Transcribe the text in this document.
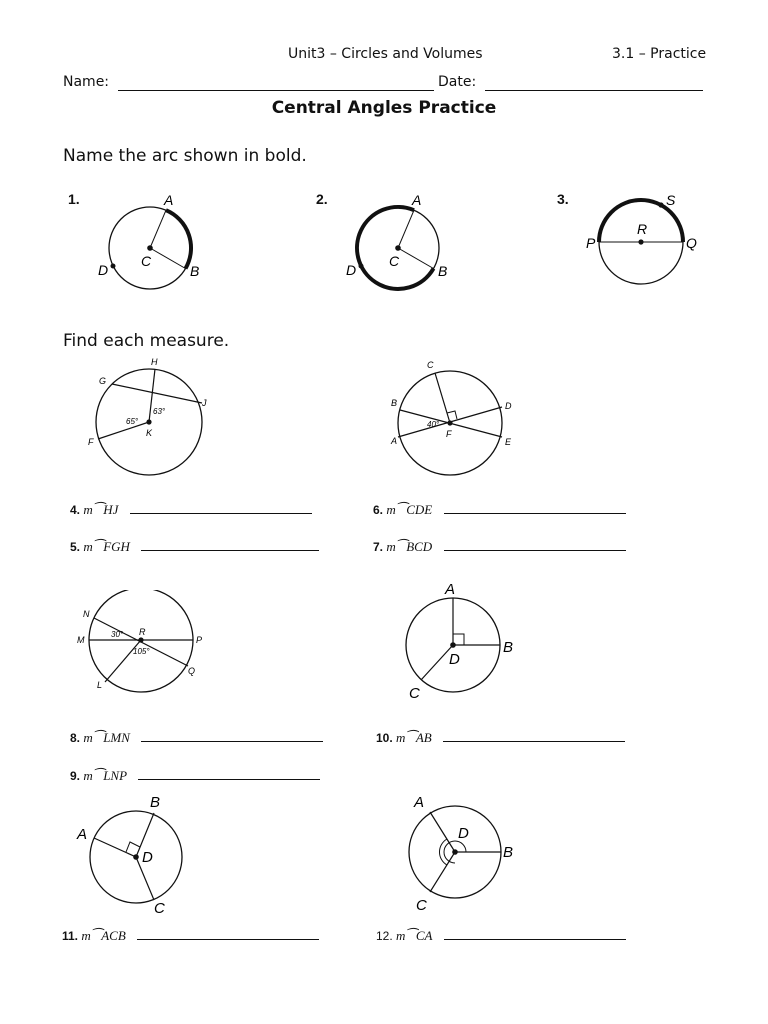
Unit3 – Circles and Volumes	3.1 – Practice
Name:	Date:
Central Angles Practice
Name the arc shown in bold.
1.	A
B
C
D
2.	A
B
C
D
3.	S
R
P	Q
Find each measure.
H
G
J
F
K
65°
63°
C
B	D
A	E
F
40°
4. m⁀HJ
5. m⁀FGH
6. m⁀CDE
7. m⁀BCD
N
M	P
L
Q
R
30°
105°
A
B
C
D
8. m⁀LMN
9. m⁀LNP
10. m⁀AB
B
A
C
D
A
B
C
D
11. m⁀ACB	12. m⁀CA
